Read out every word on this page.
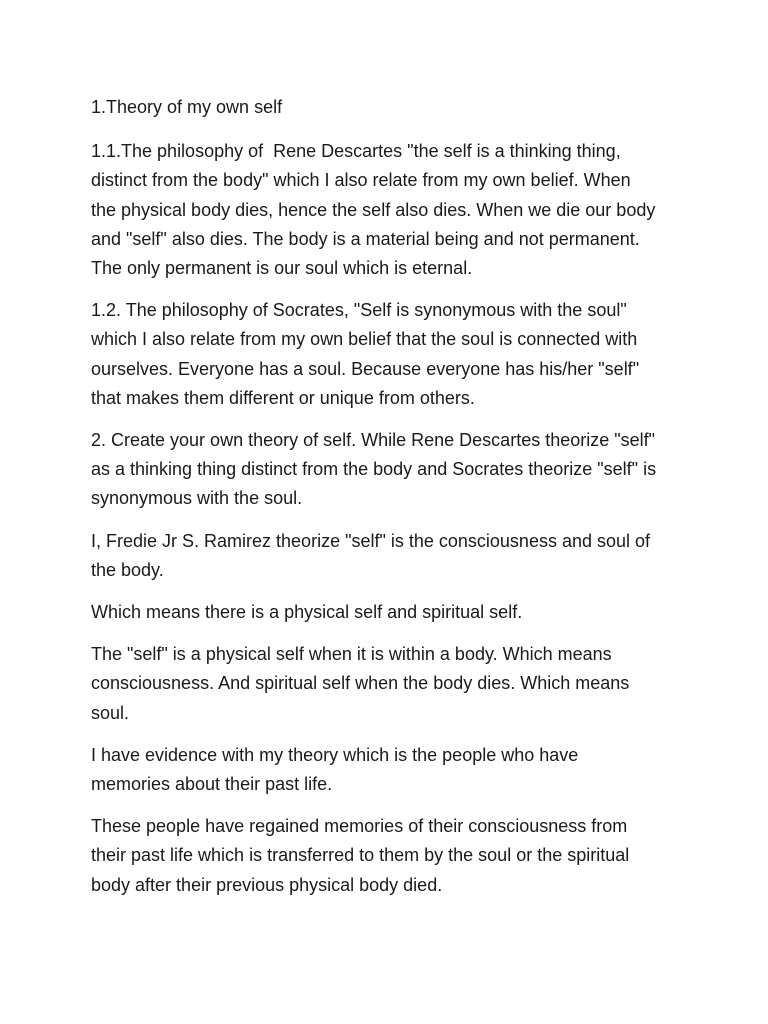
1.Theory of my own self

1.1.The philosophy of  Rene Descartes "the self is a thinking thing,
distinct from the body" which I also relate from my own belief. When
the physical body dies, hence the self also dies. When we die our body
and "self" also dies. The body is a material being and not permanent.
The only permanent is our soul which is eternal.

1.2. The philosophy of Socrates, "Self is synonymous with the soul"
which I also relate from my own belief that the soul is connected with
ourselves. Everyone has a soul. Because everyone has his/her "self"
that makes them different or unique from others.

2. Create your own theory of self. While Rene Descartes theorize "self"
as a thinking thing distinct from the body and Socrates theorize "self" is
synonymous with the soul.

I, Fredie Jr S. Ramirez theorize "self" is the consciousness and soul of
the body.

Which means there is a physical self and spiritual self.

The "self" is a physical self when it is within a body. Which means
consciousness. And spiritual self when the body dies. Which means
soul.

I have evidence with my theory which is the people who have
memories about their past life.

These people have regained memories of their consciousness from
their past life which is transferred to them by the soul or the spiritual
body after their previous physical body died.
